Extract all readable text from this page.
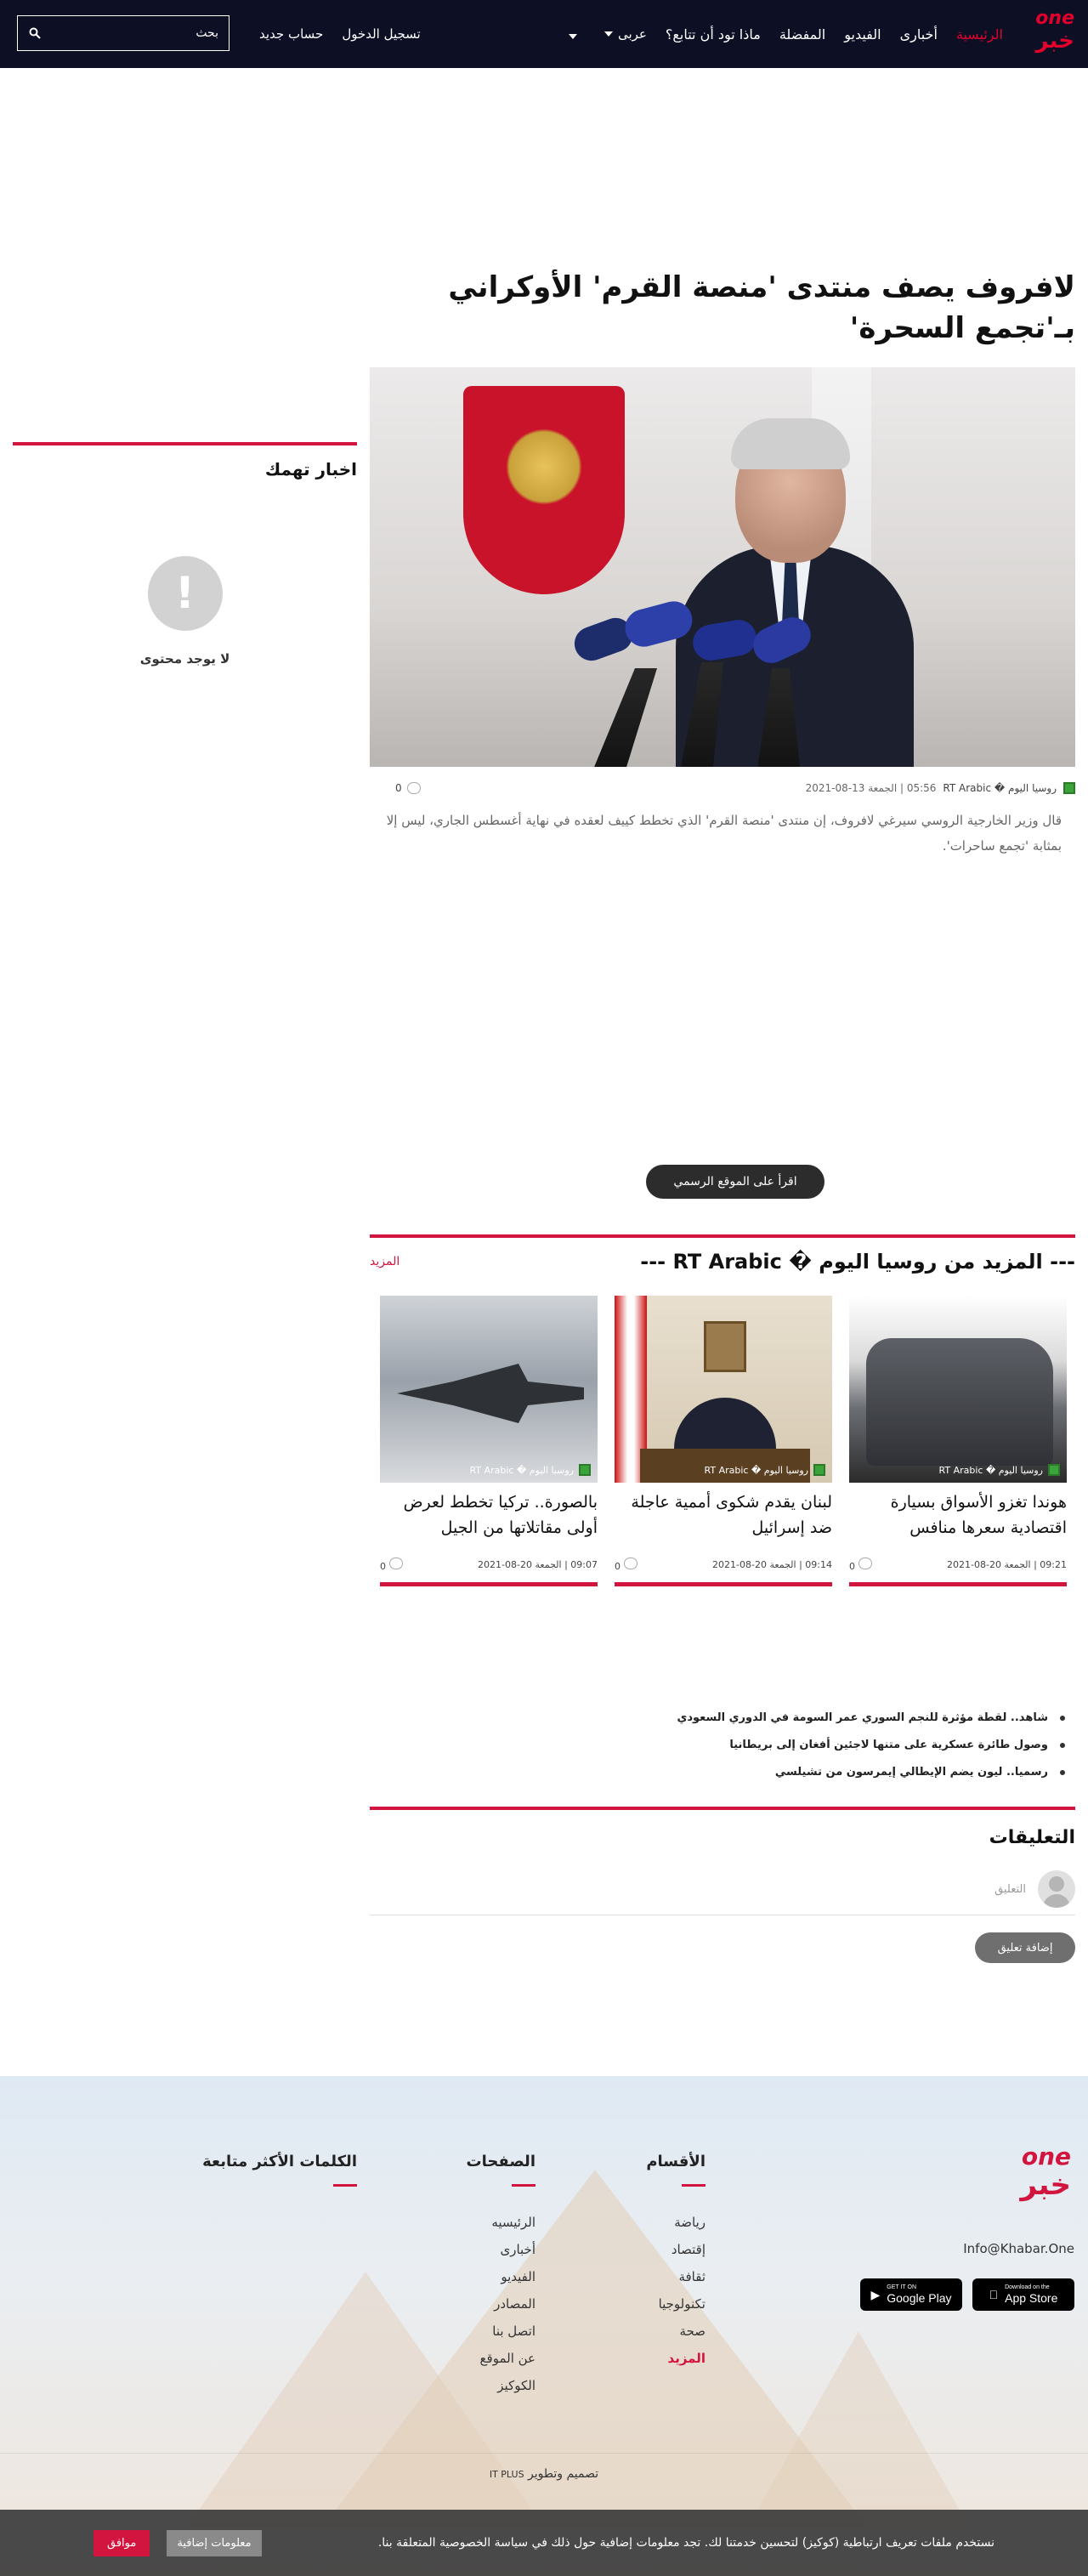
one
خبر
الرئيسية
أخبارى
الفيديو
المفضلة
ماذا تود أن تتابع؟
عربى
تسجيل الدخول
حساب جديد
بحث
لافروف يصف منتدى 'منصة القرم' الأوكراني بـ'تجمع السحرة'
روسيا اليوم � RT Arabic
05:56 | الجمعة 13-08-2021
0

قال وزير الخارجية الروسي سيرغي لافروف، إن منتدى 'منصة القرم' الذي تخطط كييف لعقده في نهاية أغسطس الجاري، ليس إلا بمثابة 'تجمع ساحرات'.

اخبار تهمك
!

لا يوجد محتوى

اقرأ على الموقع الرسمي
--- المزيد من روسيا اليوم � RT Arabic ---
المزيد
روسيا اليوم � RT Arabic
هوندا تغزو الأسواق بسيارة اقتصادية سعرها منافس
09:21 | الجمعة 20-08-2021
0
روسيا اليوم � RT Arabic
لبنان يقدم شكوى أممية عاجلة ضد إسرائيل
09:14 | الجمعة 20-08-2021
0
روسيا اليوم � RT Arabic
بالصورة.. تركيا تخطط لعرض أولى مقاتلاتها من الجيل
09:07 | الجمعة 20-08-2021
0
شاهد.. لقطة مؤثرة للنجم السوري عمر السومة في الدوري السعودي
وصول طائرة عسكرية على متنها لاجئين أفغان إلى بريطانيا
رسميا.. ليون يضم الإيطالي إيمرسون من تشيلسي
التعليقات
التعليق
إضافة تعليق
one
خبر
Info@Khabar.One
Download on the
App Store
▶ GET IT ON
Google Play
الأقسام
رياضة
إقتصاد
ثقافة
تكنولوجيا
صحة
المزيد
الصفحات
الرئيسيه
أخبارى
الفيديو
المصادر
اتصل بنا
عن الموقع
الكوكيز
الكلمات الأكثر متابعة
تصميم وتطوير IT PLUS

نستخدم ملفات تعريف ارتباطية (كوكيز) لتحسين خدمتنا لك. تجد معلومات إضافية حول ذلك في سياسة الخصوصية المتعلقة بنا.

معلومات إضافية
موافق
